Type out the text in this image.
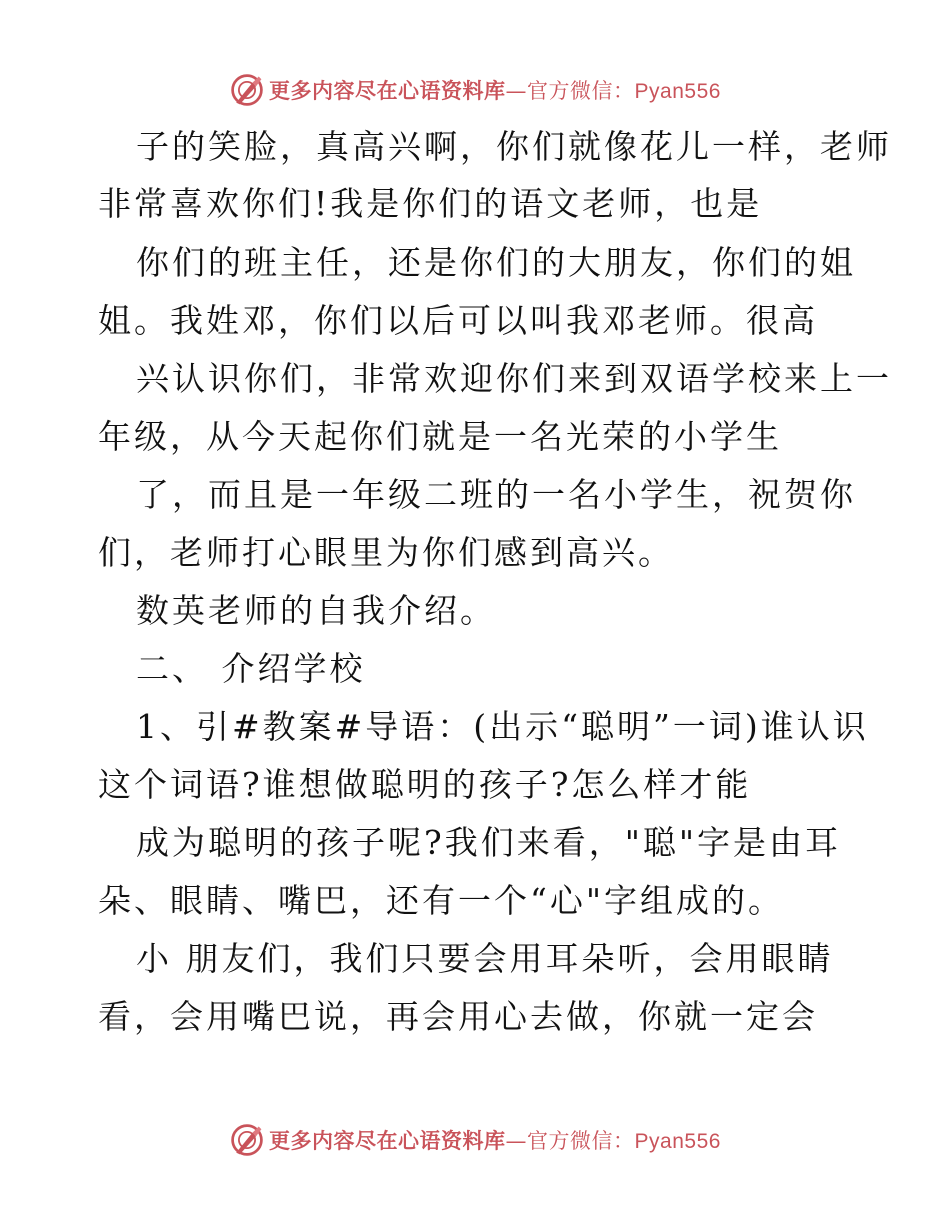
更多内容尽在心语资料库—官方微信：Pyan556
子的笑脸，真高兴啊，你们就像花儿一样，老师
非常喜欢你们!我是你们的语文老师，也是
你们的班主任，还是你们的大朋友，你们的姐
姐。我姓邓，你们以后可以叫我邓老师。很高
兴认识你们，非常欢迎你们来到双语学校来上一
年级，从今天起你们就是一名光荣的小学生
了，而且是一年级二班的一名小学生，祝贺你
们，老师打心眼里为你们感到高兴。
数英老师的自我介绍。
二、 介绍学校
1、引#教案#导语：(出示“聪明”一词)谁认识
这个词语?谁想做聪明的孩子?怎么样才能
成为聪明的孩子呢?我们来看，"聪"字是由耳
朵、眼睛、嘴巴，还有一个“心"字组成的。
小 朋友们，我们只要会用耳朵听，会用眼睛
看，会用嘴巴说，再会用心去做，你就一定会
更多内容尽在心语资料库—官方微信：Pyan556
